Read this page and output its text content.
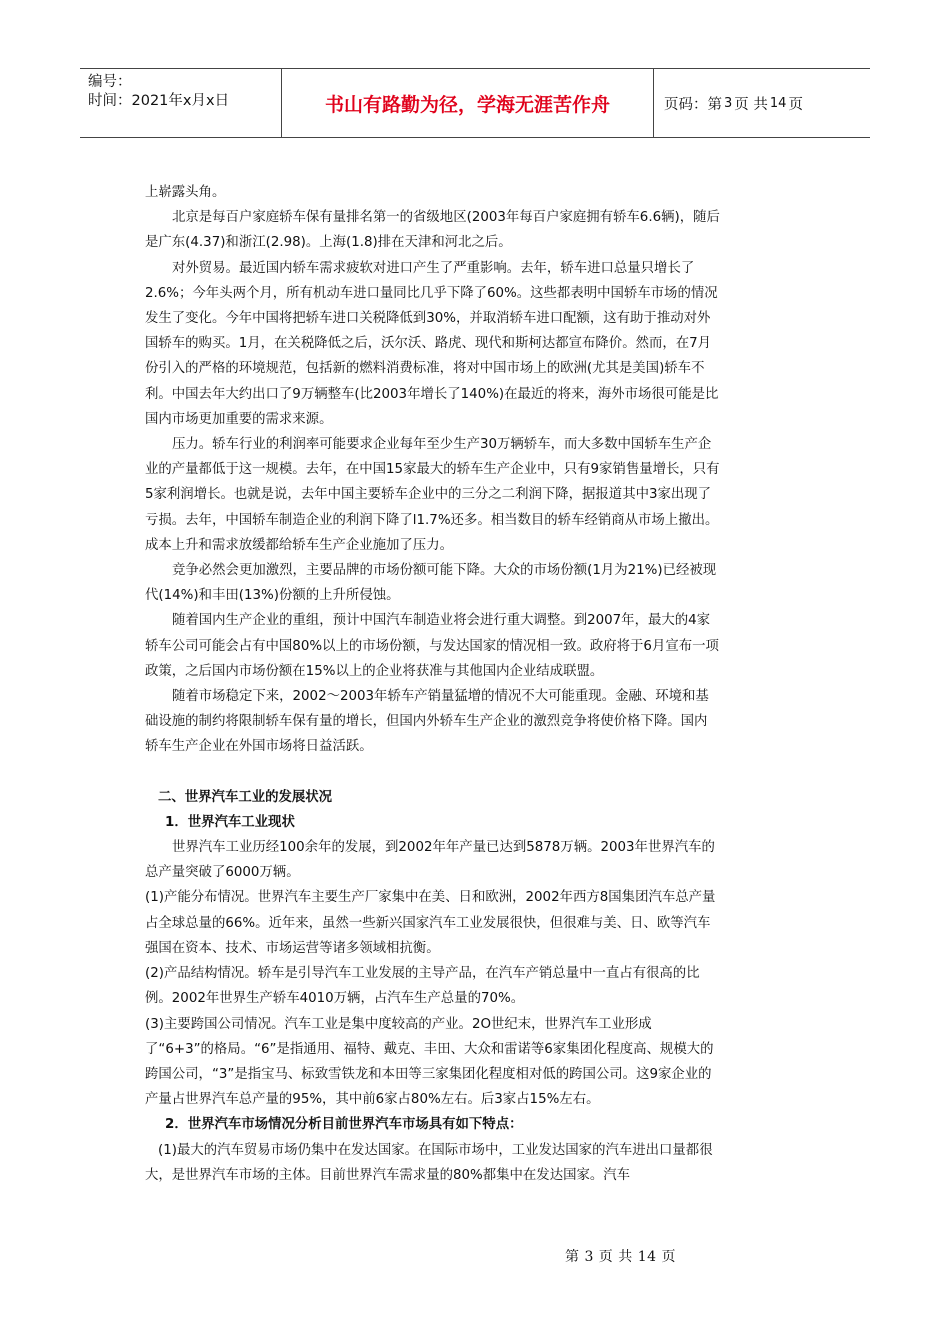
编号：
时间：2021年x月x日	书山有路勤为径，学海无涯苦作舟	页码：第 3 页 共 14 页

上崭露头角。

北京是每百户家庭轿车保有量排名第一的省级地区(2003年每百户家庭拥有轿车6.6辆)，随后是广东(4.37)和浙江(2.98)。上海(1.8)排在天津和河北之后。

对外贸易。最近国内轿车需求疲软对进口产生了严重影响。去年，轿车进口总量只增长了2.6%；今年头两个月，所有机动车进口量同比几乎下降了60%。这些都表明中国轿车市场的情况发生了变化。今年中国将把轿车进口关税降低到30%，并取消轿车进口配额，这有助于推动对外国轿车的购买。1月，在关税降低之后，沃尔沃、路虎、现代和斯柯达都宣布降价。然而，在7月份引入的严格的环境规范，包括新的燃料消费标准，将对中国市场上的欧洲(尤其是美国)轿车不利。中国去年大约出口了9万辆整车(比2003年增长了140%)在最近的将来，海外市场很可能是比国内市场更加重要的需求来源。

压力。轿车行业的利润率可能要求企业每年至少生产30万辆轿车，而大多数中国轿车生产企业的产量都低于这一规模。去年，在中国15家最大的轿车生产企业中，只有9家销售量增长，只有5家利润增长。也就是说，去年中国主要轿车企业中的三分之二利润下降，据报道其中3家出现了亏损。去年，中国轿车制造企业的利润下降了l1.7%还多。相当数目的轿车经销商从市场上撤出。成本上升和需求放缓都给轿车生产企业施加了压力。

竞争必然会更加激烈，主要品牌的市场份额可能下降。大众的市场份额(1月为21%)已经被现代(14%)和丰田(13%)份额的上升所侵蚀。

随着国内生产企业的重组，预计中国汽车制造业将会进行重大调整。到2007年，最大的4家轿车公司可能会占有中国80%以上的市场份额，与发达国家的情况相一致。政府将于6月宣布一项政策，之后国内市场份额在15%以上的企业将获准与其他国内企业结成联盟。

随着市场稳定下来，2002～2003年轿车产销量猛增的情况不大可能重现。金融、环境和基础设施的制约将限制轿车保有量的增长，但国内外轿车生产企业的激烈竞争将使价格下降。国内轿车生产企业在外国市场将日益活跃。

二、世界汽车工业的发展状况

1．世界汽车工业现状

世界汽车工业历经100余年的发展，到2002年年产量已达到5878万辆。2003年世界汽车的总产量突破了6000万辆。

(1)产能分布情况。世界汽车主要生产厂家集中在美、日和欧洲，2002年西方8国集团汽车总产量占全球总量的66%。近年来，虽然一些新兴国家汽车工业发展很快，但很难与美、日、欧等汽车强国在资本、技术、市场运营等诸多领域相抗衡。

(2)产品结构情况。轿车是引导汽车工业发展的主导产品，在汽车产销总量中一直占有很高的比例。2002年世界生产轿车4010万辆，占汽车生产总量的70%。

(3)主要跨国公司情况。汽车工业是集中度较高的产业。2O世纪末，世界汽车工业形成了“6+3”的格局。“6”是指通用、福特、戴克、丰田、大众和雷诺等6家集团化程度高、规模大的跨国公司，“3”是指宝马、标致雪铁龙和本田等三家集团化程度相对低的跨国公司。这9家企业的产量占世界汽车总产量的95%，其中前6家占80%左右。后3家占15%左右。

2．世界汽车市场情况分析目前世界汽车市场具有如下特点：

(1)最大的汽车贸易市场仍集中在发达国家。在国际市场中，工业发达国家的汽车进出口量都很大，是世界汽车市场的主体。目前世界汽车需求量的80%都集中在发达国家。汽车

第 3 页 共 14 页
